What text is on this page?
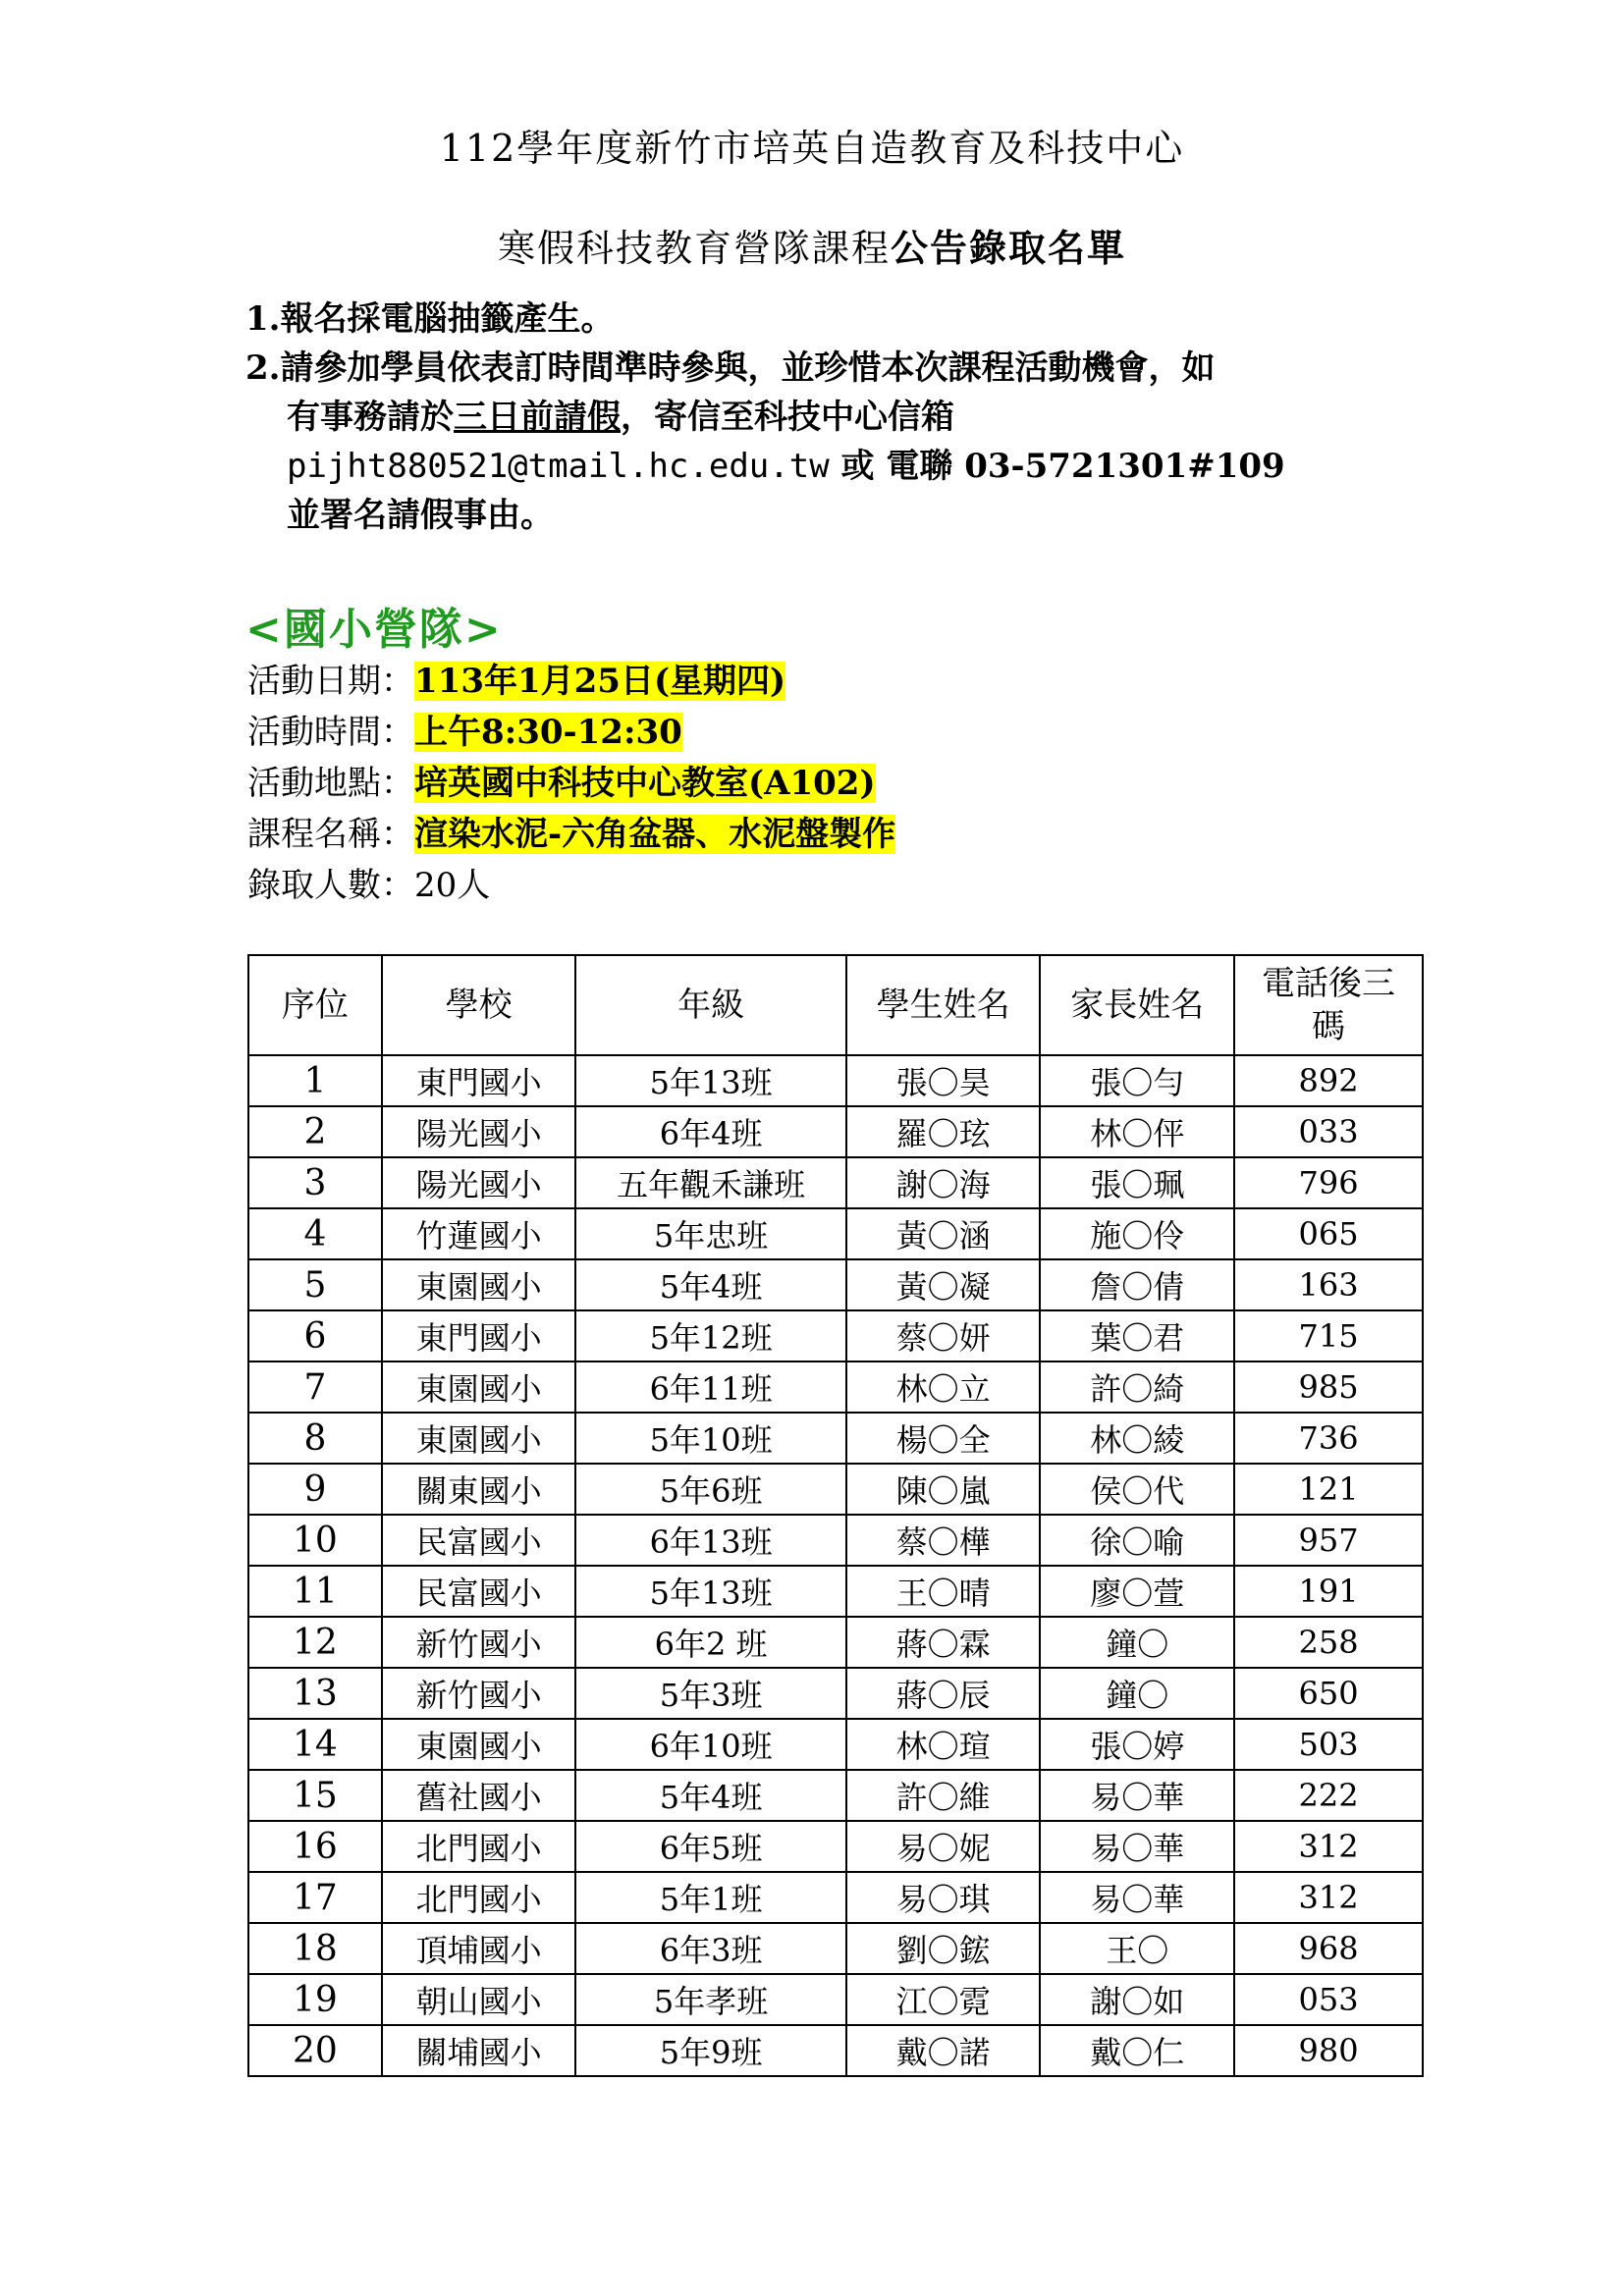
112學年度新竹市培英自造教育及科技中心
寒假科技教育營隊課程公告錄取名單
1.報名採電腦抽籤產生。
2.請參加學員依表訂時間準時參與，並珍惜本次課程活動機會，如
有事務請於三日前請假，寄信至科技中心信箱
pijht880521@tmail.hc.edu.tw 或 電聯 03-5721301#109
並署名請假事由。
<國小營隊>
活動日期：113年1月25日(星期四)
活動時間：上午8:30-12:30
活動地點：培英國中科技中心教室(A102)
課程名稱：渲染水泥-六角盆器、水泥盤製作
錄取人數：20人
序位	學校	年級	學生姓名	家長姓名	電話後三碼

1	東門國小	5年13班	張〇昊	張〇勻	892
2	陽光國小	6年4班	羅〇玹	林〇伻	033
3	陽光國小	五年觀禾謙班	謝〇海	張〇珮	796
4	竹蓮國小	5年忠班	黃〇涵	施〇伶	065
5	東園國小	5年4班	黃〇凝	詹〇倩	163
6	東門國小	5年12班	蔡〇妍	葉〇君	715
7	東園國小	6年11班	林〇立	許〇綺	985
8	東園國小	5年10班	楊〇全	林〇綾	736
9	關東國小	5年6班	陳〇嵐	侯〇代	121
10	民富國小	6年13班	蔡〇樺	徐〇喻	957
11	民富國小	5年13班	王〇晴	廖〇萱	191
12	新竹國小	6年2 班	蔣〇霖	鐘〇	258
13	新竹國小	5年3班	蔣〇辰	鐘〇	650
14	東園國小	6年10班	林〇瑄	張〇婷	503
15	舊社國小	5年4班	許〇維	易〇華	222
16	北門國小	6年5班	易〇妮	易〇華	312
17	北門國小	5年1班	易〇琪	易〇華	312
18	頂埔國小	6年3班	劉〇鋐	王〇	968
19	朝山國小	5年孝班	江〇霓	謝〇如	053
20	關埔國小	5年9班	戴〇諾	戴〇仁	980
